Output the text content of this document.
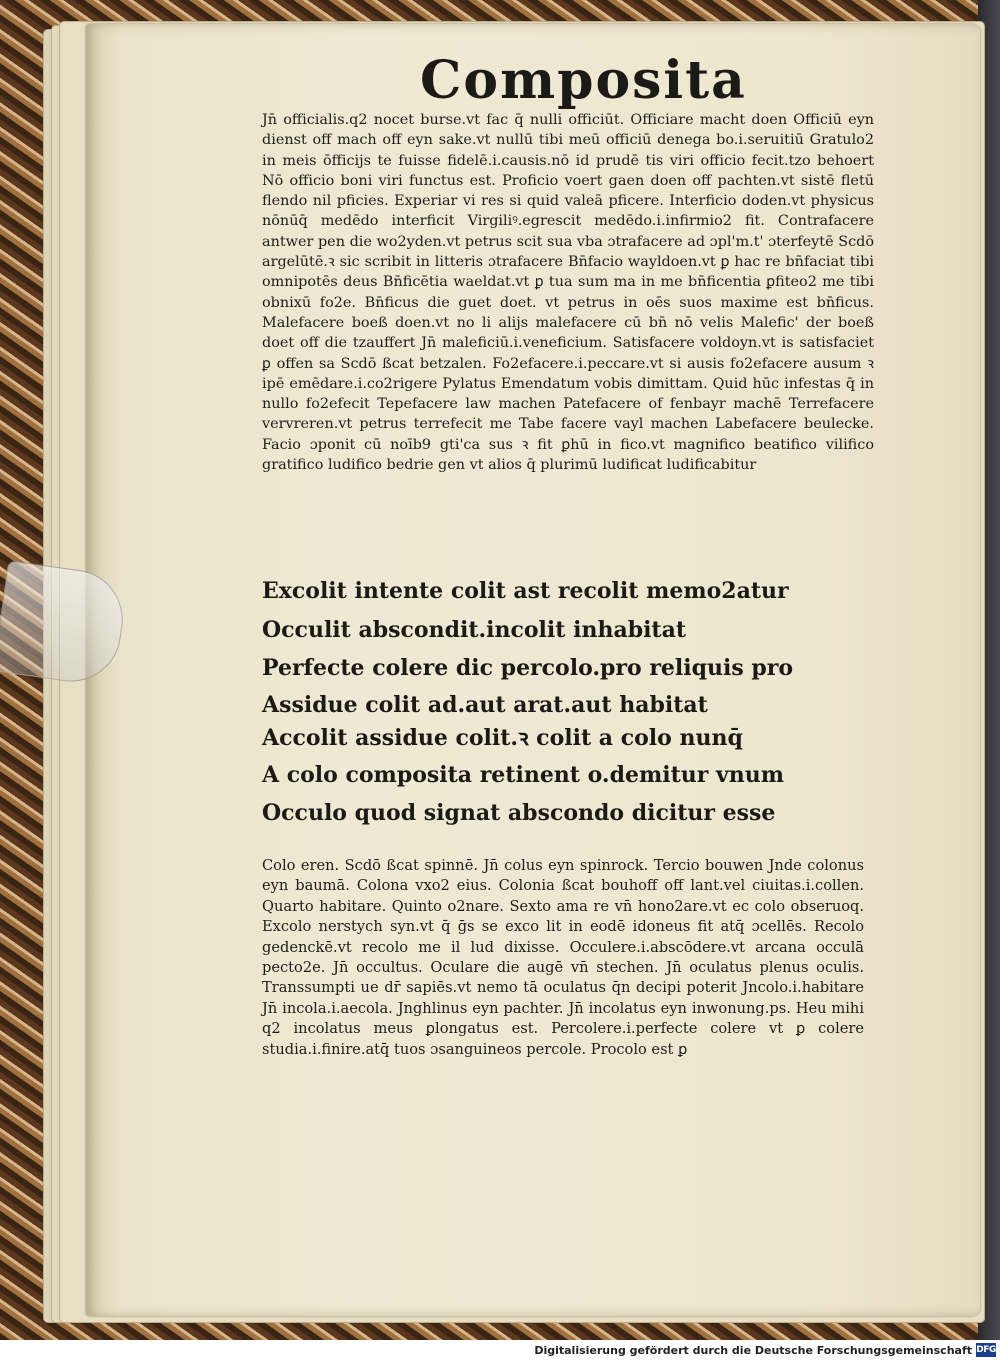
Composita

Jn̄ officialis.q2 nocet burse.vt fac q̄ nulli officiūt. Officiare macht doen Officiū eyn dienst off mach off eyn sake.vt nullū tibi meū officiū denega bo.i.seruitiū Gratulo2 in meis ōfficijs te fuisse fidelē.i.causis.nō id prudē tis viri officio fecit.tzo behoert Nō officio boni viri functus est. Proficio voert gaen doen off pachten.vt sistē fletū flendo nil pficies. Experiar vi res si quid valeā pficere. Interficio doden.vt physicus nōnūq̄ medēdo interficit Virgiliꝰ.egrescit medēdo.i.infirmio2 fit. Contrafacere antwer pen die wo2yden.vt petrus scit sua vba ɔtrafacere ad ɔpl'm.t' ɔterfeytē Scdō argelūtē.ꝛ sic scribit in litteris ɔtrafacere Bn̄facio wayldoen.vt ꝑ hac re bn̄faciat tibi omnipotēs deus Bn̄ficētia waeldat.vt ꝑ tua sum ma in me bn̄ficentia ꝑfiteo2 me tibi obnixū fo2e. Bn̄ficus die guet doet. vt petrus in oēs suos maxime est bn̄ficus. Malefacere boeß doen.vt no li alijs malefacere cū bn̄ nō velis Malefic' der boeß doet off die tzauffert Jn̄ maleficiū.i.veneficium. Satisfacere voldoyn.vt is satisfaciet ꝑ offen sa Scdō ßcat betzalen. Fo2efacere.i.peccare.vt si ausis fo2efacere ausum ꝛ ipē emēdare.i.co2rigere Pylatus Emendatum vobis dimittam. Quid hūc infestas q̄ in nullo fo2efecit Tepefacere law machen Patefacere of fenbayr machē Terrefacere vervreren.vt petrus terrefecit me Tabe facere vayl machen Labefacere beulecke. Facio ɔponit cū noīb9 gti'ca sus ꝛ fit ꝑhū in fico.vt magnifico beatifico vilifico gratifico ludifico bedrie gen vt alios q̄ plurimū ludificat ludificabitur

Excolit intente colit ast recolit memo2atur
Occulit abscondit.incolit inhabitat
Perfecte colere dic percolo.pro reliquis pro
Assidue colit ad.aut arat.aut habitat
Accolit assidue colit.ꝛ colit a colo nunq̄
A colo composita retinent o.demitur vnum
Occulo quod signat abscondo dicitur esse

Colo eren. Scdō ßcat spinnē. Jn̄ colus eyn spinrock. Tercio bouwen Jnde colonus eyn baumā. Colona vxo2 eius. Colonia ßcat bouhoff off lant.vel ciuitas.i.collen. Quarto habitare. Quinto o2nare. Sexto ama re vn̄ hono2are.vt ec colo obseruoq. Excolo nerstych syn.vt q̄ ḡs se exco lit in eodē idoneus fit atq̄ ɔcellēs. Recolo gedenckē.vt recolo me il lud dixisse. Occulere.i.abscōdere.vt arcana occulā pecto2e. Jn̄ occultus. Oculare die augē vn̄ stechen. Jn̄ oculatus plenus oculis. Transsumpti ue dr̄ sapiēs.vt nemo tā oculatus q̄n decipi poterit Jncolo.i.habitare Jn̄ incola.i.aecola. Jnghlinus eyn pachter. Jn̄ incolatus eyn inwonung.ps. Heu mihi q2 incolatus meus ꝑlongatus est. Percolere.i.perfecte colere vt ꝑ colere studia.i.finire.atq̄ tuos ɔsanguineos percole. Procolo est ꝑ

Digitalisierung gefördert durch die Deutsche Forschungsgemeinschaft DFG
